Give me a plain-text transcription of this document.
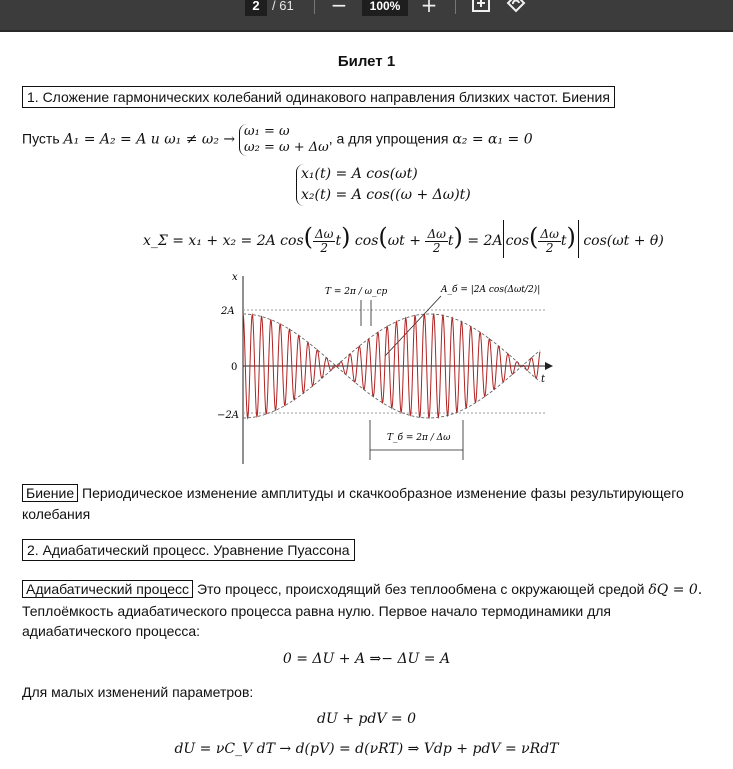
2 / 61 −	100%	+
Билет 1
1. Сложение гармонических колебаний одинакового направления близких частот. Биения
Пусть A₁ = A₂ = A и ω₁ ≠ ω₂ →
ω₁ = ω
ω₂ = ω + Δω
, а для упрощения α₂ = α₁ = 0
x₁(t) = A cos(ωt)
x₂(t) = A cos((ω + Δω)t)
x_Σ = x₁ + x₂ = 2A $\cos( \frac{\Delta\omega}{2} t)$ $\cos(\omega t + \frac{\Delta\omega}{2} t) = 2A$ $\cos( \frac{\Delta\omega}{2} t)$ cos(ωt + θ)
x
t
2A
0
−2A
T = 2π / ω_ср	A_б = |2A cos(Δωt/2)|
T_б = 2π / Δω
Биение Периодическое изменение амплитуды и скачкообразное изменение фазы результирующего
колебания
2. Адиабатический процесс. Уравнение Пуассона
Адиабатический процесс Это процесс, происходящий без теплообмена с окружающей средой δQ = 0.
Теплоёмкость адиабатического процесса равна нулю. Первое начало термодинамики для
адиабатического процесса:
0 = ΔU + A ⇒− ΔU = A
Для малых изменений параметров:
dU + pdV = 0
dU = νC_V dT → d(pV) = d(νRT) ⇒ Vdp + pdV = νRdT
